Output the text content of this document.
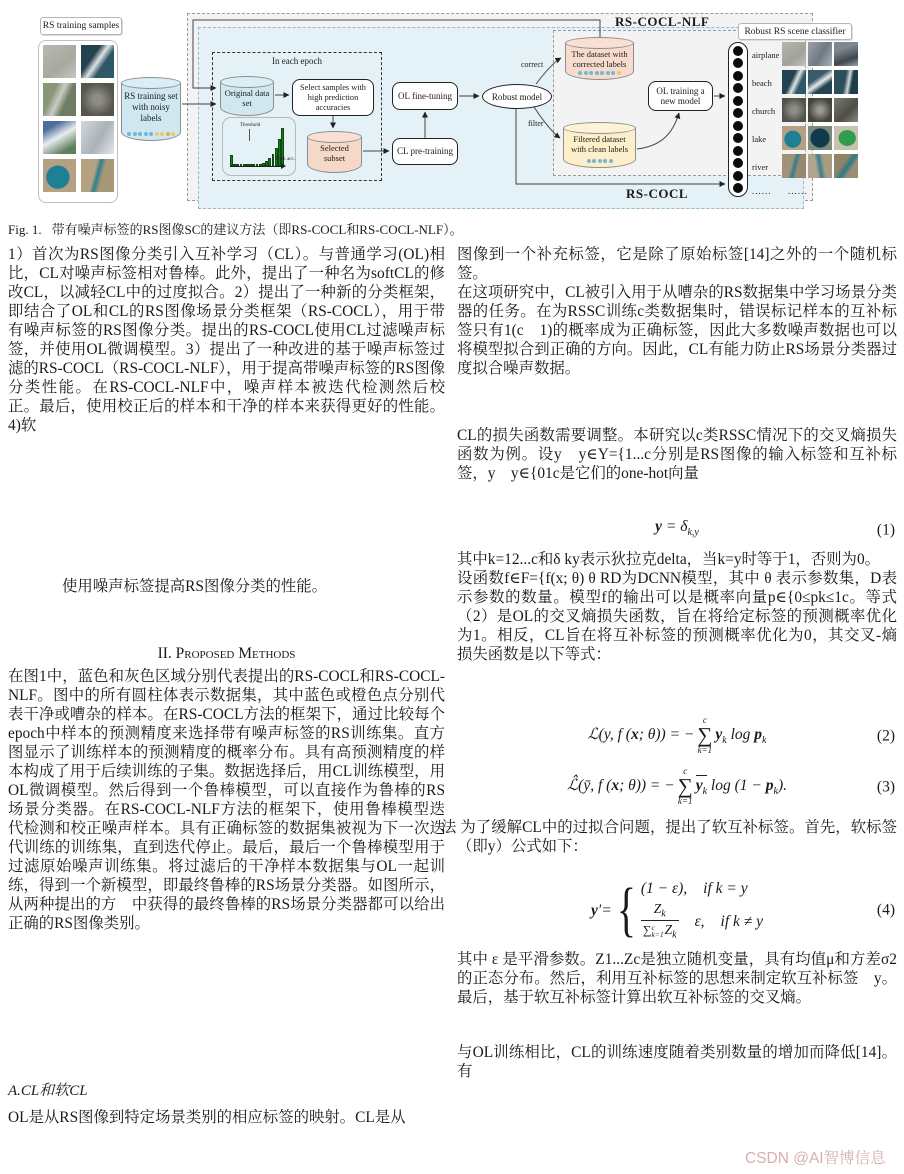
RS-COCL-NLF
RS-COCL
RS training samples
RS training set with noisy labels
In each epoch
Original data set
Select samples with high prediction accuracies
Selected subset
Threshold
Pred. acc.
OL fine-tuning
CL pre-training
Robust model
correct
filter
The dataset with corrected labels
Filtered dataset with clean labels
OL training a new model
Robust RS scene classifier
airplane
beach
church
lake
river
...... ......
Fig. 1. 带有噪声标签的RS图像SC的建议方法（即RS-COCL和RS-COCL-NLF）。

1）首次为RS图像分类引入互补学习（CL）。与普通学习(OL)相比，CL对噪声标签相对鲁棒。此外，提出了一种名为softCL的修改CL，以减轻CL中的过度拟合。2）提出了一种新的分类框架，即结合了OL和CL的RS图像场景分类框架（RS-COCL），用于带有噪声标签的RS图像分类。提出的RS-COCL使用CL过滤噪声标签，并使用OL微调模型。3）提出了一种改进的基于噪声标签过滤的RS-COCL（RS-COCL-NLF），用于提高带噪声标签的RS图像分类性能。在RS-COCL-NLF中，噪声样本被迭代检测然后校正。最后，使用校正后的样本和干净的样本来获得更好的性能。4)软

使用噪声标签提高RS图像分类的性能。

II. Proposed Methods

在图1中，蓝色和灰色区域分别代表提出的RS-COCL和RS-COCL-NLF。图中的所有圆柱体表示数据集，其中蓝色或橙色点分别代表干净或嘈杂的样本。在RS-COCL方法的框架下，通过比较每个epoch中样本的预测精度来选择带有噪声标签的RS训练集。直方图显示了训练样本的预测精度的概率分布。具有高预测精度的样本构成了用于后续训练的子集。数据选择后，用CL训练模型，用OL微调模型。然后得到一个鲁棒模型，可以直接作为鲁棒的RS场景分类器。在RS-COCL-NLF方法的框架下，使用鲁棒模型迭代检测和校正噪声样本。具有正确标签的数据集被视为下一次迭代训练的训练集，直到迭代停止。最后，最后一个鲁棒模型用于过滤原始噪声训练集。将过滤后的干净样本数据集与OL一起训练，得到一个新模型，即最终鲁棒的RS场景分类器。如图所示，从两种提出的方　中获得的最终鲁棒的RS场景分类器都可以给出正确的RS图像类别。

A.CL和软CL

OL是从RS图像到特定场景类别的相应标签的映射。CL是从

图像到一个补充标签，它是除了原始标签[14]之外的一个随机标签。

在这项研究中，CL被引入用于从嘈杂的RS数据集中学习场景分类器的任务。在为RSSC训练c类数据集时，错误标记样本的互补标签只有1(c　1)的概率成为正确标签，因此大多数噪声数据也可以将模型拟合到正确的方向。因此，CL有能力防止RS场景分类器过度拟合噪声数据。

CL的损失函数需要调整。本研究以c类RSSC情况下的交叉熵损失函数为例。设y　y∈Y={1...c分别是RS图像的输入标签和互补标签，y　y∈{01c是它们的one-hot向量

$y = \delta_{k,y}$	(1)

其中k=12...c和δ ky表示狄拉克delta，当k=y时等于1，否则为0。

设函数f∈F={f(x; θ) θ RD为DCNN模型，其中 θ 表示参数集，D表示参数的数量。模型f的输出可以是概率向量p∈{0≤pk≤1c。等式（2）是OL的交叉熵损失函数，旨在将给定标签的预测概率优化为1。相反，CL旨在将互补标签的预测概率优化为0，其交叉-熵损失函数是以下等式：

ℒ(y, f (x; θ)) = −
c
∑
k=1
$y_k$ $\log p_k$	(2)
ℒ̂(ȳ, f (x; θ)) = −
c
∑
k=1
$y_k$ $\log (1 - p_k)$.	(3)

法 为了缓解CL中的过拟合问题，提出了软互补标签。首先，软标签（即y）公式如下：

y ′ = { (1 − ε), if k = y
$Z_k$
∑ c
k=1 $Z_k$ ε, if k ≠ y
(4)

其中 ε 是平滑参数。Z1...Zc是独立随机变量，具有均值μ和方差σ2的正态分布。然后，利用互补标签的思想来制定软互补标签　y。最后，基于软互补标签计算出软互补标签的交叉熵。

与OL训练相比，CL的训练速度随着类别数量的增加而降低[14]。有

CSDN @AI智博信息
